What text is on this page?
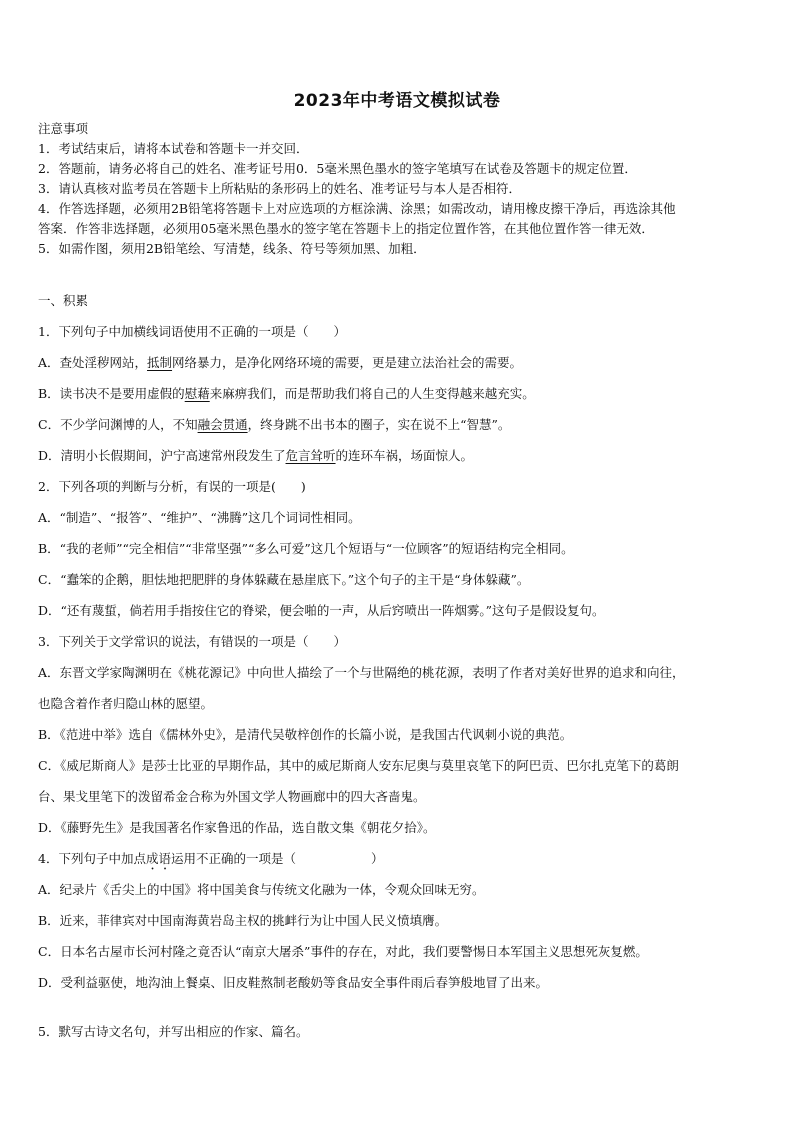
2023年中考语文模拟试卷
注意事项
1．考试结束后，请将本试卷和答题卡一并交回．
2．答题前，请务必将自己的姓名、准考证号用0．5毫米黑色墨水的签字笔填写在试卷及答题卡的规定位置．
3．请认真核对监考员在答题卡上所粘贴的条形码上的姓名、准考证号与本人是否相符．
4．作答选择题，必须用2B铅笔将答题卡上对应选项的方框涂满、涂黑；如需改动，请用橡皮擦干净后，再选涂其他
答案．作答非选择题，必须用05毫米黑色墨水的签字笔在答题卡上的指定位置作答，在其他位置作答一律无效．
5．如需作图，须用2B铅笔绘、写清楚，线条、符号等须加黑、加粗．
一、积累
1．下列句子中加横线词语使用不正确的一项是（　　）
A．查处淫秽网站，抵制网络暴力，是净化网络环境的需要，更是建立法治社会的需要。
B．读书决不是要用虚假的慰藉来麻痹我们，而是帮助我们将自己的人生变得越来越充实。
C．不少学问渊博的人，不知融会贯通，终身跳不出书本的圈子，实在说不上“智慧”。
D．清明小长假期间，沪宁高速常州段发生了危言耸听的连环车祸，场面惊人。
2．下列各项的判断与分析，有误的一项是(　　)
A．“制造”、“报答”、“维护”、“沸腾”这几个词词性相同。
B．“我的老师”“完全相信”“非常坚强”“多么可爱”这几个短语与“一位顾客”的短语结构完全相同。
C．“蠢笨的企鹅，胆怯地把肥胖的身体躲藏在悬崖底下。”这个句子的主干是“身体躲藏”。
D．“还有蔑蜇，倘若用手指按住它的脊梁，便会啪的一声，从后窍喷出一阵烟雾。”这句子是假设复句。
3．下列关于文学常识的说法，有错误的一项是（　　）
A．东晋文学家陶渊明在《桃花源记》中向世人描绘了一个与世隔绝的桃花源，表明了作者对美好世界的追求和向往，
也隐含着作者归隐山林的愿望。
B．《范进中举》选自《儒林外史》，是清代吴敬梓创作的长篇小说，是我国古代讽刺小说的典范。
C．《威尼斯商人》是莎士比亚的早期作品，其中的威尼斯商人安东尼奥与莫里哀笔下的阿巴贡、巴尔扎克笔下的葛朗
台、果戈里笔下的泼留希金合称为外国文学人物画廊中的四大吝啬鬼。
D．《藤野先生》是我国著名作家鲁迅的作品，选自散文集《朝花夕拾》。
4．下列句子中加点成语运用不正确的一项是（　　　　　　）
A．纪录片《舌尖上的中国》将中国美食与传统文化融为一体，令观众回味无穷。
B．近来，菲律宾对中国南海黄岩岛主权的挑衅行为让中国人民义愤填膺。
C．日本名古屋市长河村隆之竟否认“南京大屠杀”事件的存在，对此，我们要警惕日本军国主义思想死灰复燃。
D．受利益驱使，地沟油上餐桌、旧皮鞋熬制老酸奶等食品安全事件雨后春笋般地冒了出来。
5．默写古诗文名句，并写出相应的作家、篇名。
